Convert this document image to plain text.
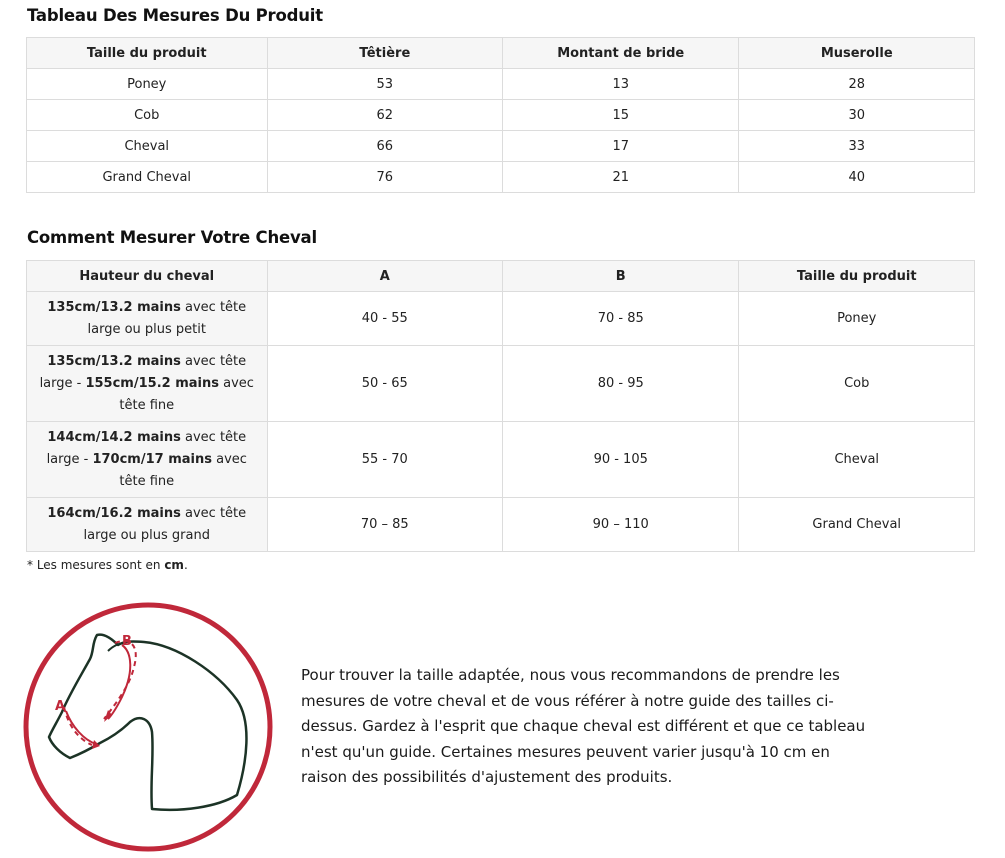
Tableau Des Mesures Du Produit
Taille du produit	Têtière	Montant de bride	Muserolle
Poney	53	13	28
Cob	62	15	30
Cheval	66	17	33
Grand Cheval	76	21	40
Comment Mesurer Votre Cheval
Hauteur du cheval	A	B	Taille du produit
135cm/13.2 mains avec tête large ou plus petit	40 - 55	70 - 85	Poney
135cm/13.2 mains avec tête large - 155cm/15.2 mains avec tête fine	50 - 65	80 - 95	Cob
144cm/14.2 mains avec tête large - 170cm/17 mains avec tête fine	55 - 70	90 - 105	Cheval
164cm/16.2 mains avec tête large ou plus grand	70 – 85	90 – 110	Grand Cheval
* Les mesures sont en cm.
B
A

Pour trouver la taille adaptée, nous vous recommandons de prendre les mesures de votre cheval et de vous référer à notre guide des tailles ci-dessus. Gardez à l'esprit que chaque cheval est différent et que ce tableau n'est qu'un guide. Certaines mesures peuvent varier jusqu'à 10 cm en raison des possibilités d'ajustement des produits.
